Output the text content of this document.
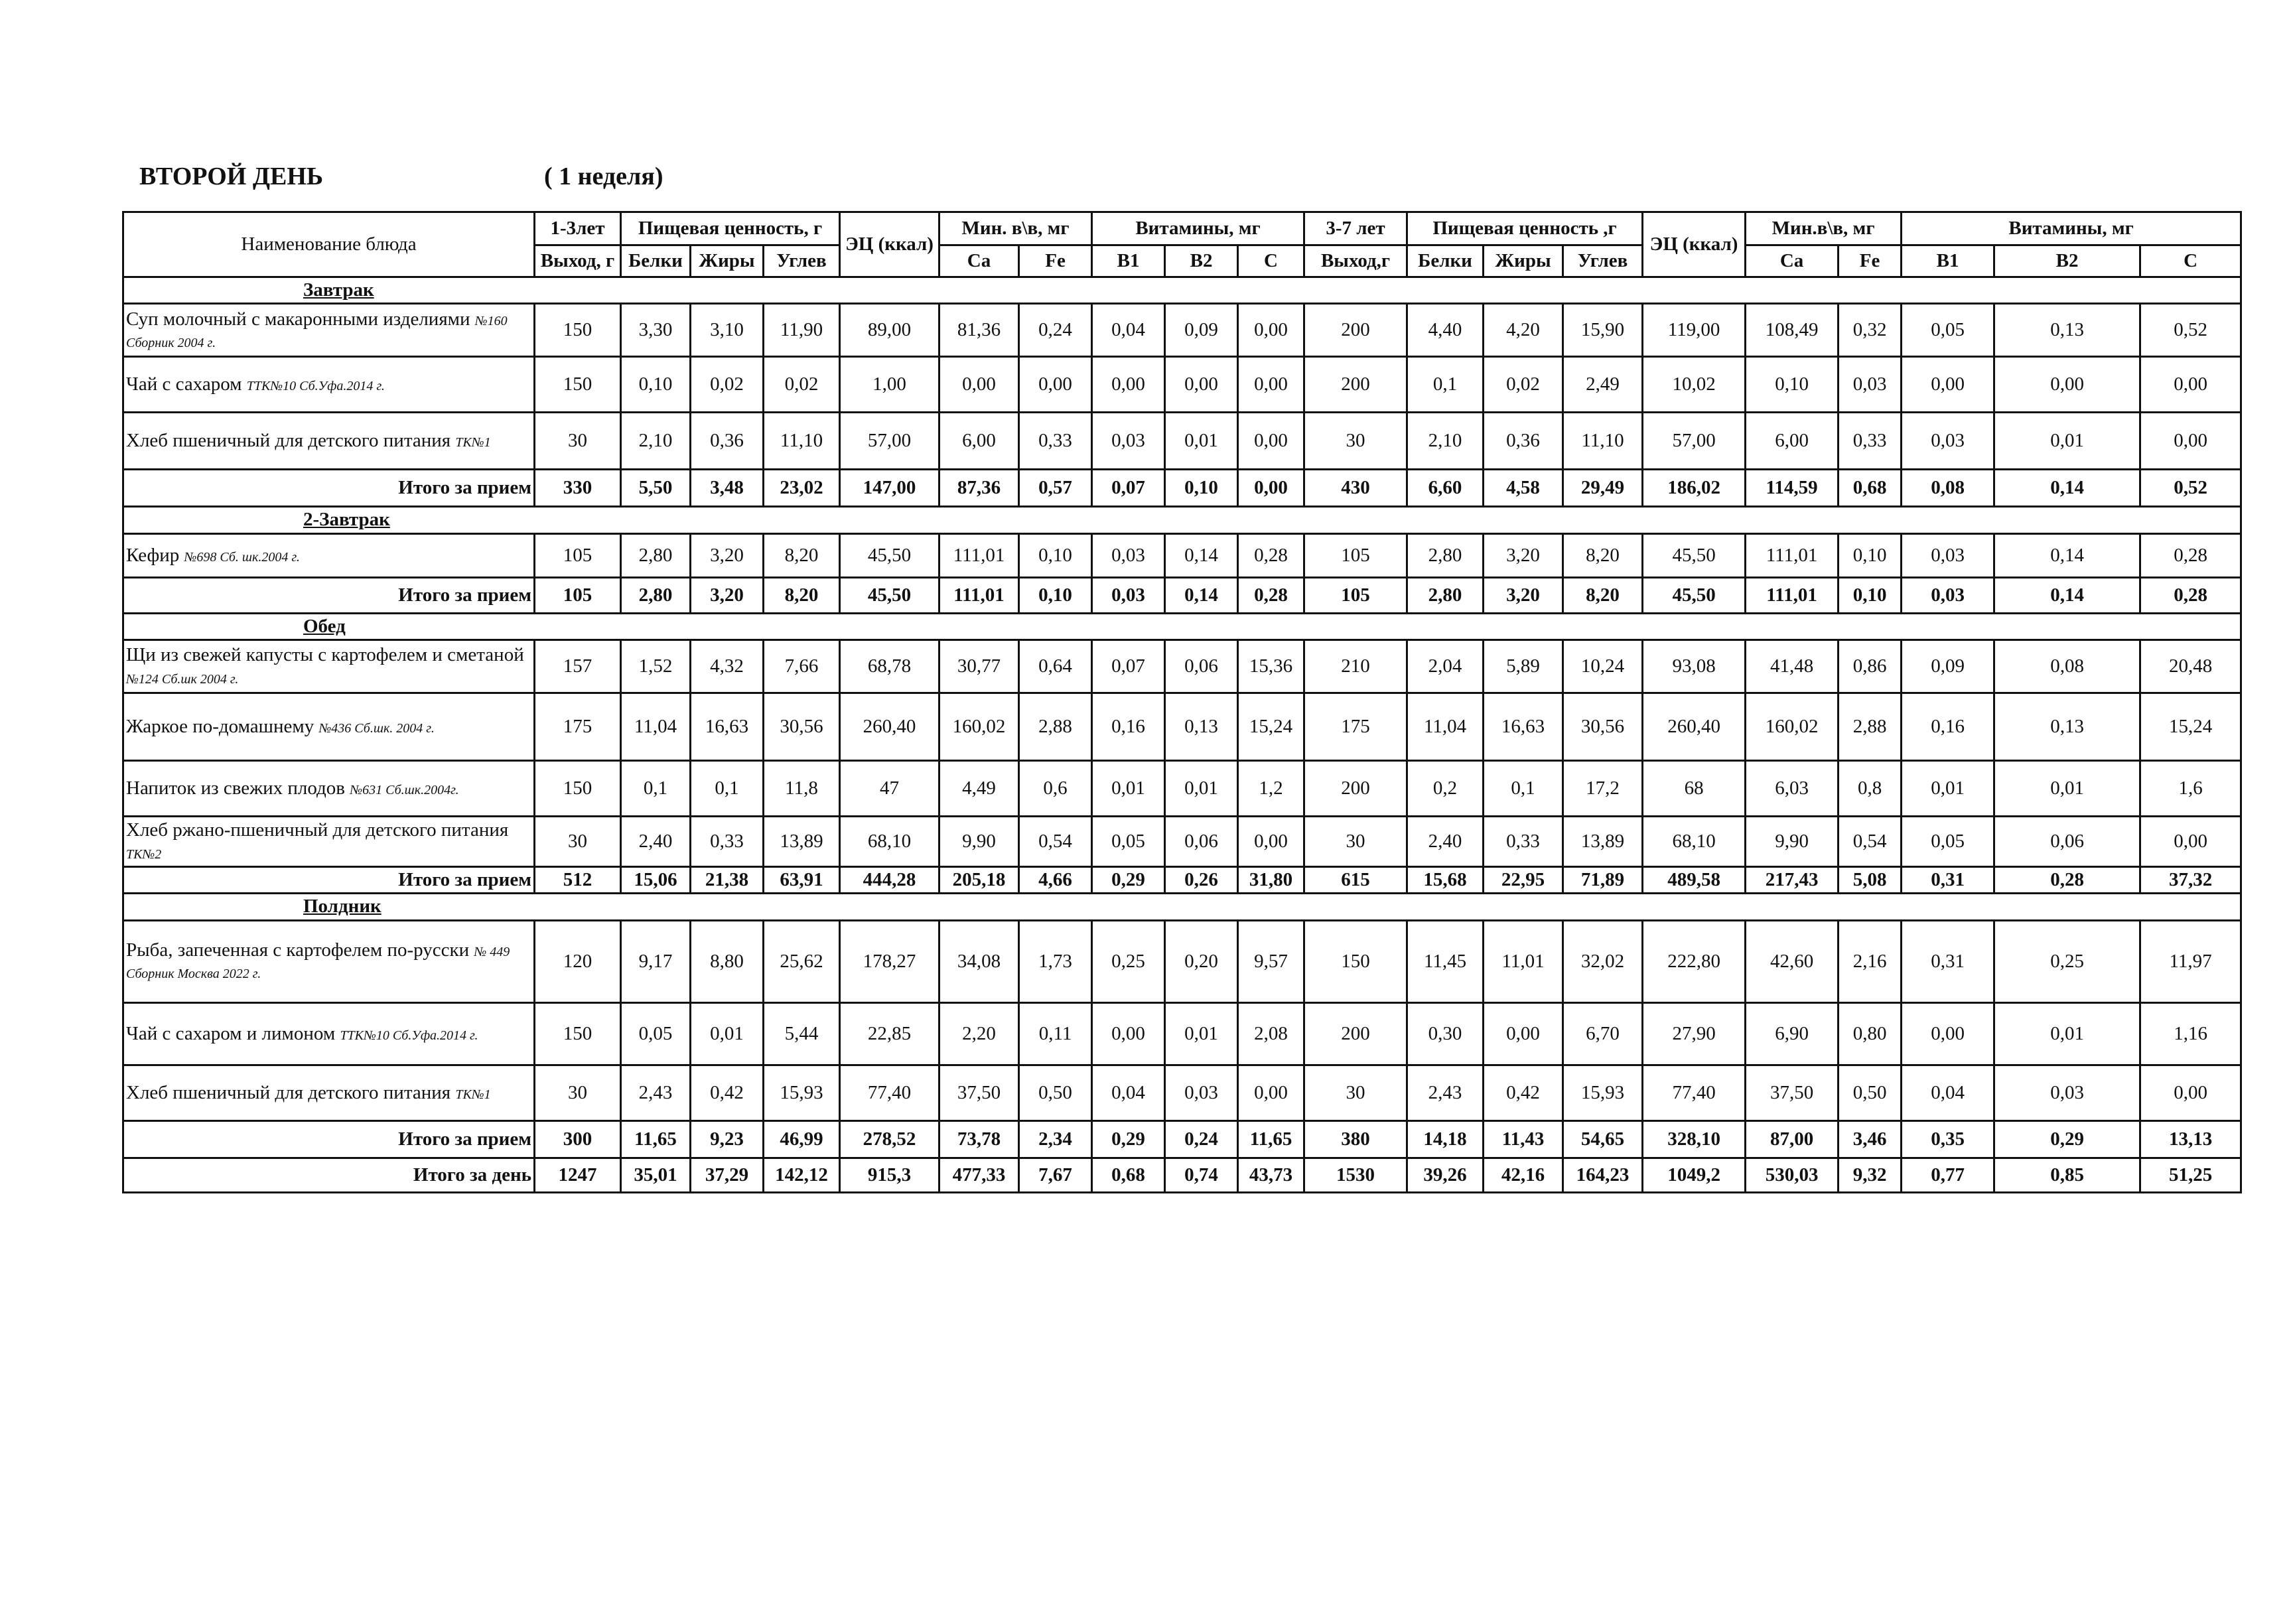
ВТОРОЙ ДЕНЬ	( 1 неделя)
Наименование блюда	1-3лет	Пищевая ценность, г			ЭЦ (ккал)	Мин. в\в, мг		Витамины, мг			3-7 лет	Пищевая ценность ,г			ЭЦ (ккал)	Мин.в\в, мг		Витамины, мг		
	Выход, г	Белки	Жиры	Углев		Ca	Fe	B1	B2	C	Выход,г	Белки	Жиры	Углев		Ca	Fe	B1	B2	C
Завтрак																				
Суп молочный с макаронными изделиями №160 Сборник 2004 г.	150	3,30	3,10	11,90	89,00	81,36	0,24	0,04	0,09	0,00	200	4,40	4,20	15,90	119,00	108,49	0,32	0,05	0,13	0,52
Чай с сахаром ТТК№10 Сб.Уфа.2014 г.	150	0,10	0,02	0,02	1,00	0,00	0,00	0,00	0,00	0,00	200	0,1	0,02	2,49	10,02	0,10	0,03	0,00	0,00	0,00
Хлеб пшеничный для детского питания ТК№1	30	2,10	0,36	11,10	57,00	6,00	0,33	0,03	0,01	0,00	30	2,10	0,36	11,10	57,00	6,00	0,33	0,03	0,01	0,00
Итого за прием	330	5,50	3,48	23,02	147,00	87,36	0,57	0,07	0,10	0,00	430	6,60	4,58	29,49	186,02	114,59	0,68	0,08	0,14	0,52
2-Завтрак																				
Кефир №698 Сб. шк.2004 г.	105	2,80	3,20	8,20	45,50	111,01	0,10	0,03	0,14	0,28	105	2,80	3,20	8,20	45,50	111,01	0,10	0,03	0,14	0,28
Итого за прием	105	2,80	3,20	8,20	45,50	111,01	0,10	0,03	0,14	0,28	105	2,80	3,20	8,20	45,50	111,01	0,10	0,03	0,14	0,28
Обед																				
Щи из свежей капусты с картофелем и сметаной №124 Сб.шк 2004 г.	157	1,52	4,32	7,66	68,78	30,77	0,64	0,07	0,06	15,36	210	2,04	5,89	10,24	93,08	41,48	0,86	0,09	0,08	20,48
Жаркое по-домашнему №436 Сб.шк. 2004 г.	175	11,04	16,63	30,56	260,40	160,02	2,88	0,16	0,13	15,24	175	11,04	16,63	30,56	260,40	160,02	2,88	0,16	0,13	15,24
Напиток из свежих плодов №631 Сб.шк.2004г.	150	0,1	0,1	11,8	47	4,49	0,6	0,01	0,01	1,2	200	0,2	0,1	17,2	68	6,03	0,8	0,01	0,01	1,6
Хлеб ржано-пшеничный для детского питания ТК№2	30	2,40	0,33	13,89	68,10	9,90	0,54	0,05	0,06	0,00	30	2,40	0,33	13,89	68,10	9,90	0,54	0,05	0,06	0,00
Итого за прием	512	15,06	21,38	63,91	444,28	205,18	4,66	0,29	0,26	31,80	615	15,68	22,95	71,89	489,58	217,43	5,08	0,31	0,28	37,32
Полдник																				
Рыба, запеченная с картофелем по-русски № 449 Сборник Москва 2022 г.	120	9,17	8,80	25,62	178,27	34,08	1,73	0,25	0,20	9,57	150	11,45	11,01	32,02	222,80	42,60	2,16	0,31	0,25	11,97
Чай с сахаром и лимоном ТТК№10 Сб.Уфа.2014 г.	150	0,05	0,01	5,44	22,85	2,20	0,11	0,00	0,01	2,08	200	0,30	0,00	6,70	27,90	6,90	0,80	0,00	0,01	1,16
Хлеб пшеничный для детского питания ТК№1	30	2,43	0,42	15,93	77,40	37,50	0,50	0,04	0,03	0,00	30	2,43	0,42	15,93	77,40	37,50	0,50	0,04	0,03	0,00
Итого за прием	300	11,65	9,23	46,99	278,52	73,78	2,34	0,29	0,24	11,65	380	14,18	11,43	54,65	328,10	87,00	3,46	0,35	0,29	13,13
Итого за день	1247	35,01	37,29	142,12	915,3	477,33	7,67	0,68	0,74	43,73	1530	39,26	42,16	164,23	1049,2	530,03	9,32	0,77	0,85	51,25
